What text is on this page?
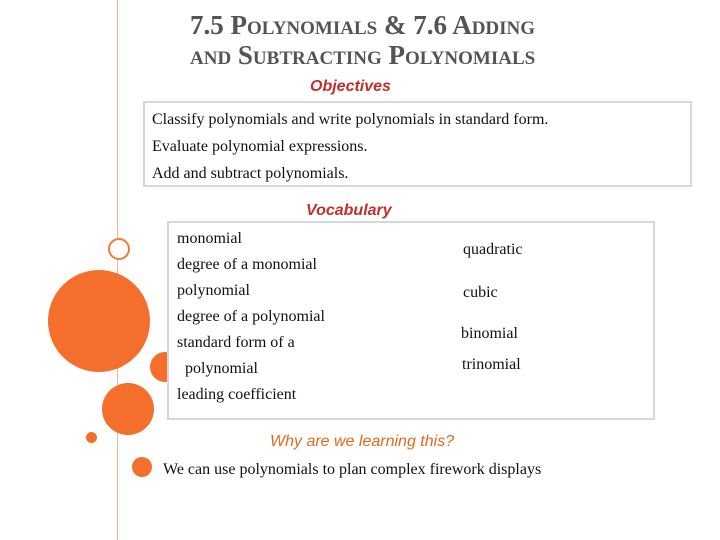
7.5 Polynomials & 7.6 Adding
and Subtracting Polynomials
Objectives
Classify polynomials and write polynomials in standard form.
Evaluate polynomial expressions.
Add and subtract polynomials.
Vocabulary
monomial
degree of a monomial
polynomial
degree of a polynomial
standard form of a
polynomial
leading coefficient
quadratic
cubic
binomial
trinomial
Why are we learning this?
We can use polynomials to plan complex firework displays
